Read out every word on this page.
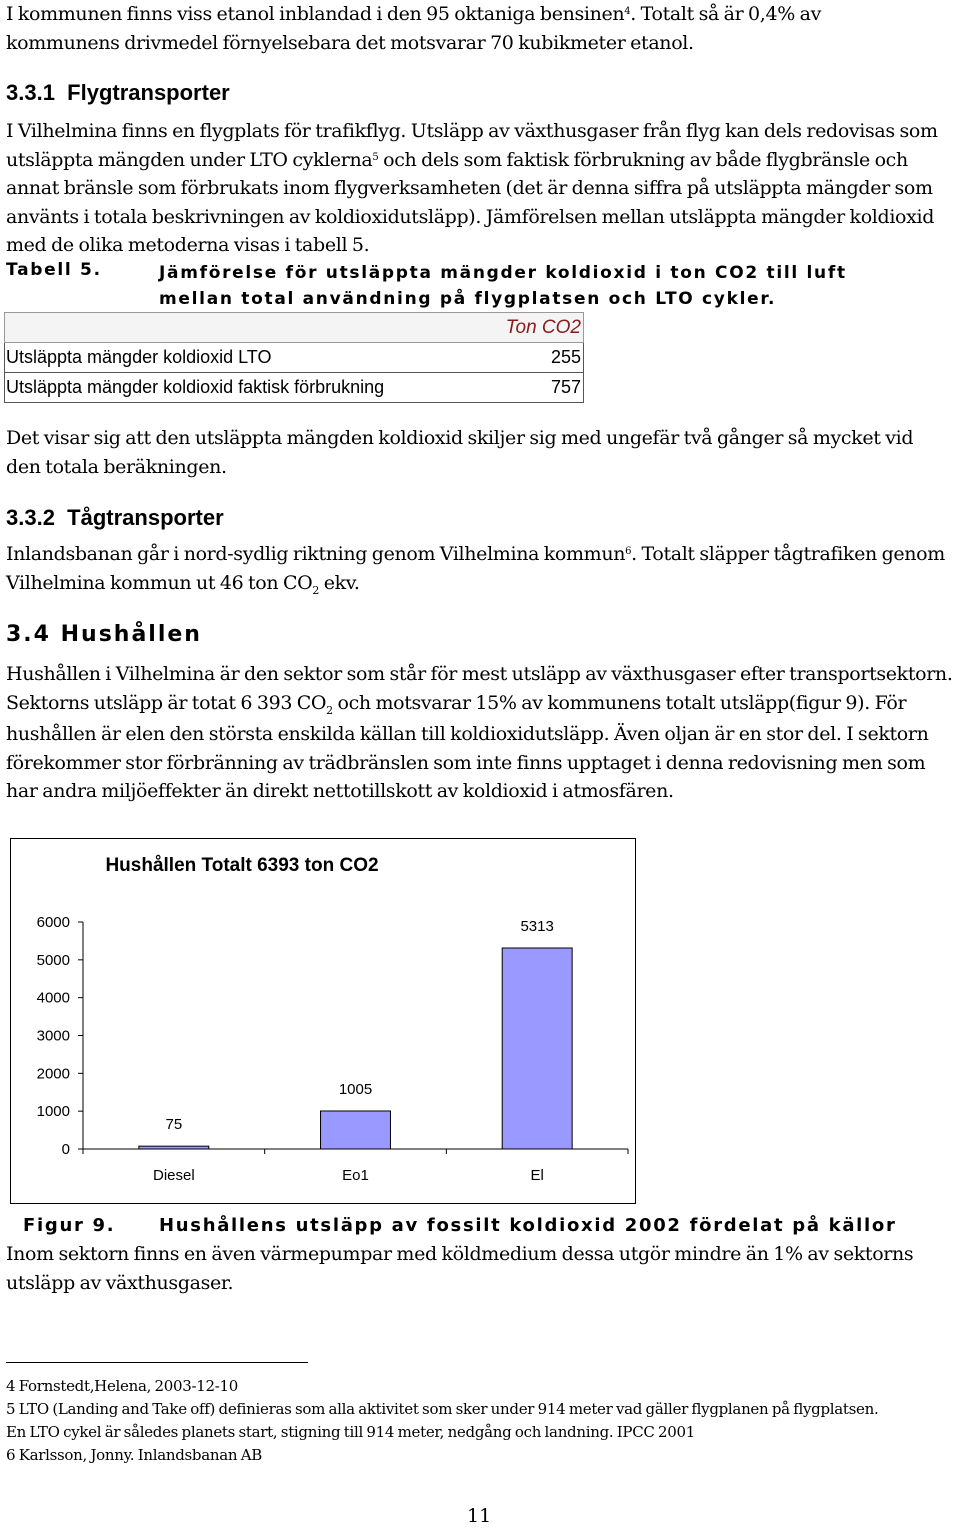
I kommunen finns viss etanol inblandad i den 95 oktaniga bensinen$^4$. Totalt så är 0,4% av

kommunens drivmedel förnyelsebara det motsvarar 70 kubikmeter etanol.

3.3.1  Flygtransporter
I Vilhelmina finns en flygplats för trafikflyg. Utsläpp av växthusgaser från flyg kan dels redovisas som utsläppta mängden under LTO cyklerna$^5$ och dels som faktisk förbrukning av både flygbränsle och annat bränsle som förbrukats inom flygverksamheten (det är denna siffra på utsläppta mängder som använts i totala beskrivningen av koldioxidutsläpp). Jämförelsen mellan utsläppta mängder koldioxid med de olika metoderna visas i tabell 5.
Tabell 5.	Jämförelse för utsläppta mängder koldioxid i ton CO2 till luft
mellan total användning på flygplatsen och LTO cykler.
	Ton CO2
Utsläppta mängder koldioxid LTO	255
Utsläppta mängder koldioxid faktisk förbrukning	757
Det visar sig att den utsläppta mängden koldioxid skiljer sig med ungefär två gånger så mycket vid den totala beräkningen.
3.3.2  Tågtransporter
Inlandsbanan går i nord-sydlig riktning genom Vilhelmina kommun$^6$. Totalt släpper tågtrafiken genom Vilhelmina kommun ut 46 ton $CO_2$ ekv.
3.4 Hushållen
Hushållen i Vilhelmina är den sektor som står för mest utsläpp av växthusgaser efter transportsektorn. Sektorns utsläpp är totat 6 393 $CO_2$ och motsvarar 15% av kommunens totalt utsläpp(figur 9). För hushållen är elen den största enskilda källan till koldioxidutsläpp. Även oljan är en stor del. I sektorn förekommer stor förbränning av trädbränslen som inte finns upptaget i denna redovisning men som har andra miljöeffekter än direkt nettotillskott av koldioxid i atmosfären.
Hushållen Totalt 6393 ton CO2
6000
5000
4000
3000
2000
1000
0
Diesel	Eo1	El
75
1005
5313
Figur 9. Hushållens utsläpp av fossilt koldioxid 2002 fördelat på källor
Inom sektorn finns en även värmepumpar med köldmedium dessa utgör mindre än 1% av sektorns utsläpp av växthusgaser.
4 Fornstedt,Helena, 2003-12-10
5 LTO (Landing and Take off) definieras som alla aktivitet som sker under 914 meter vad gäller flygplanen på flygplatsen. En LTO cykel är således planets start, stigning till 914 meter, nedgång och landning. IPCC 2001
6 Karlsson, Jonny. Inlandsbanan AB
11
